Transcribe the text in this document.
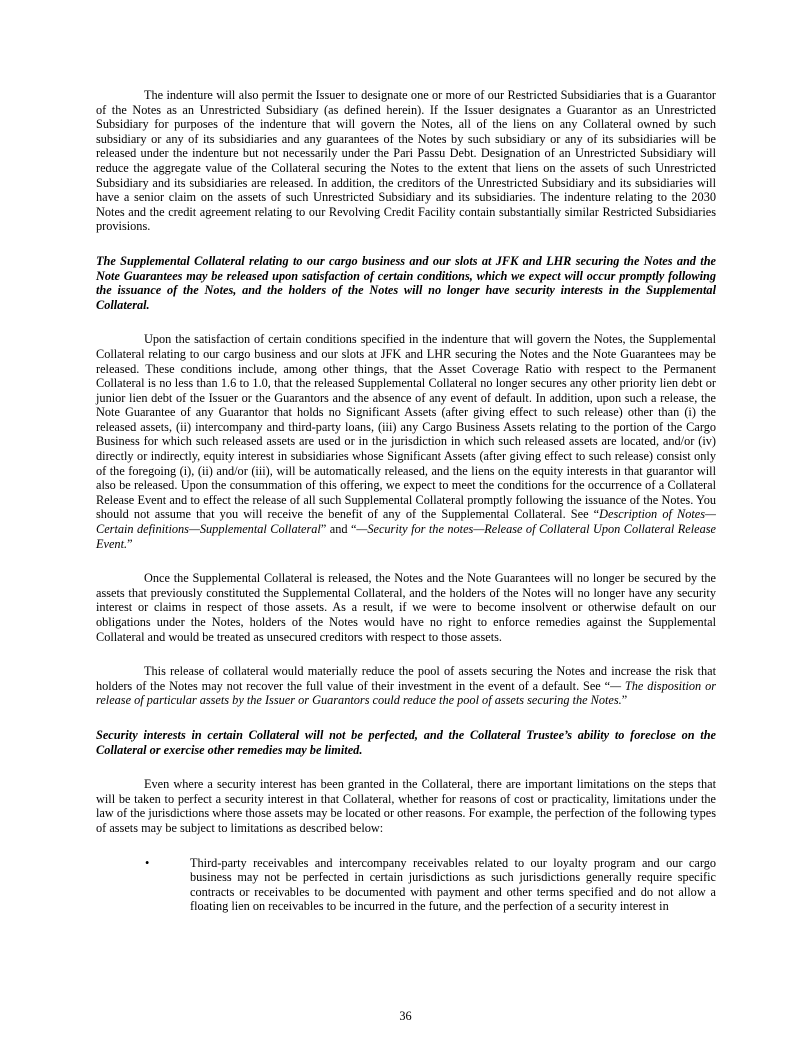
The indenture will also permit the Issuer to designate one or more of our Restricted Subsidiaries that is a Guarantor of the Notes as an Unrestricted Subsidiary (as defined herein). If the Issuer designates a Guarantor as an Unrestricted Subsidiary for purposes of the indenture that will govern the Notes, all of the liens on any Collateral owned by such subsidiary or any of its subsidiaries and any guarantees of the Notes by such subsidiary or any of its subsidiaries will be released under the indenture but not necessarily under the Pari Passu Debt. Designation of an Unrestricted Subsidiary will reduce the aggregate value of the Collateral securing the Notes to the extent that liens on the assets of such Unrestricted Subsidiary and its subsidiaries are released. In addition, the creditors of the Unrestricted Subsidiary and its subsidiaries will have a senior claim on the assets of such Unrestricted Subsidiary and its subsidiaries. The indenture relating to the 2030 Notes and the credit agreement relating to our Revolving Credit Facility contain substantially similar Restricted Subsidiaries provisions.

The Supplemental Collateral relating to our cargo business and our slots at JFK and LHR securing the Notes and the Note Guarantees may be released upon satisfaction of certain conditions, which we expect will occur promptly following the issuance of the Notes, and the holders of the Notes will no longer have security interests in the Supplemental Collateral.

Upon the satisfaction of certain conditions specified in the indenture that will govern the Notes, the Supplemental Collateral relating to our cargo business and our slots at JFK and LHR securing the Notes and the Note Guarantees may be released. These conditions include, among other things, that the Asset Coverage Ratio with respect to the Permanent Collateral is no less than 1.6 to 1.0, that the released Supplemental Collateral no longer secures any other priority lien debt or junior lien debt of the Issuer or the Guarantors and the absence of any event of default. In addition, upon such a release, the Note Guarantee of any Guarantor that holds no Significant Assets (after giving effect to such release) other than (i) the released assets, (ii) intercompany and third-party loans, (iii) any Cargo Business Assets relating to the portion of the Cargo Business for which such released assets are used or in the jurisdiction in which such released assets are located, and/or (iv) directly or indirectly, equity interest in subsidiaries whose Significant Assets (after giving effect to such release) consist only of the foregoing (i), (ii) and/or (iii), will be automatically released, and the liens on the equity interests in that guarantor will also be released. Upon the consummation of this offering, we expect to meet the conditions for the occurrence of a Collateral Release Event and to effect the release of all such Supplemental Collateral promptly following the issuance of the Notes. You should not assume that you will receive the benefit of any of the Supplemental Collateral. See “Description of Notes—Certain definitions—Supplemental Collateral” and “—Security for the notes—Release of Collateral Upon Collateral Release Event.”

Once the Supplemental Collateral is released, the Notes and the Note Guarantees will no longer be secured by the assets that previously constituted the Supplemental Collateral, and the holders of the Notes will no longer have any security interest or claims in respect of those assets. As a result, if we were to become insolvent or otherwise default on our obligations under the Notes, holders of the Notes would have no right to enforce remedies against the Supplemental Collateral and would be treated as unsecured creditors with respect to those assets.

This release of collateral would materially reduce the pool of assets securing the Notes and increase the risk that holders of the Notes may not recover the full value of their investment in the event of a default. See “— The disposition or release of particular assets by the Issuer or Guarantors could reduce the pool of assets securing the Notes.”

Security interests in certain Collateral will not be perfected, and the Collateral Trustee’s ability to foreclose on the Collateral or exercise other remedies may be limited.

Even where a security interest has been granted in the Collateral, there are important limitations on the steps that will be taken to perfect a security interest in that Collateral, whether for reasons of cost or practicality, limitations under the law of the jurisdictions where those assets may be located or other reasons. For example, the perfection of the following types of assets may be subject to limitations as described below:

•	Third-party receivables and intercompany receivables related to our loyalty program and our cargo business may not be perfected in certain jurisdictions as such jurisdictions generally require specific contracts or receivables to be documented with payment and other terms specified and do not allow a floating lien on receivables to be incurred in the future, and the perfection of a security interest in
36
